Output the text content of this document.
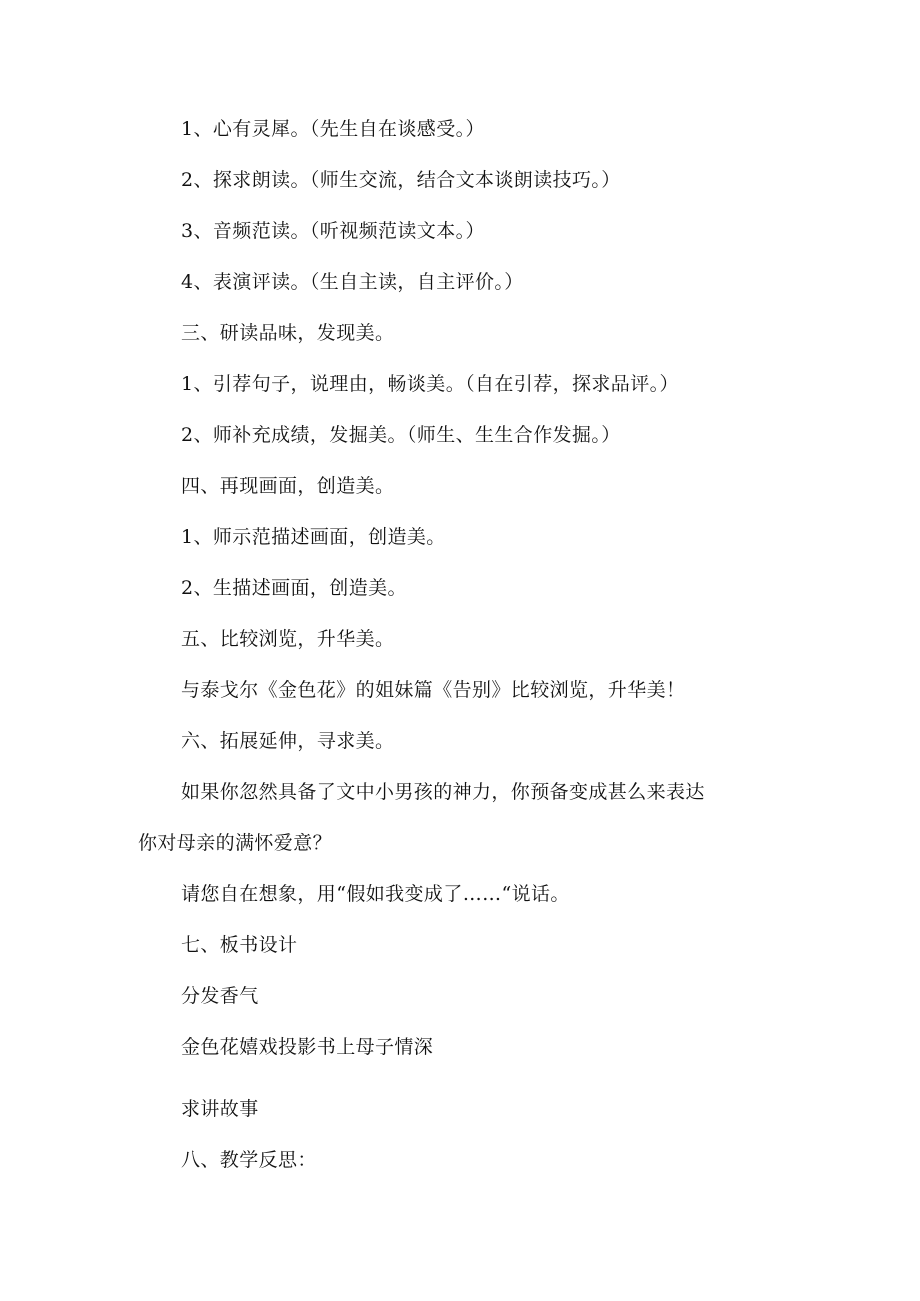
1、心有灵犀。（先生自在谈感受。）
2、探求朗读。（师生交流，结合文本谈朗读技巧。）
3、音频范读。（听视频范读文本。）
4、表演评读。（生自主读，自主评价。）
三、研读品味，发现美。
1、引荐句子，说理由，畅谈美。（自在引荐，探求品评。）
2、师补充成绩，发掘美。（师生、生生合作发掘。）
四、再现画面，创造美。
1、师示范描述画面，创造美。
2、生描述画面，创造美。
五、比较浏览，升华美。
与泰戈尔《金色花》的姐妹篇《告别》比较浏览，升华美！
六、拓展延伸，寻求美。
如果你忽然具备了文中小男孩的神力，你预备变成甚么来表达
你对母亲的满怀爱意？
请您自在想象，用“假如我变成了……“说话。
七、板书设计
分发香气
金色花嬉戏投影书上母子情深
求讲故事
八、教学反思：
